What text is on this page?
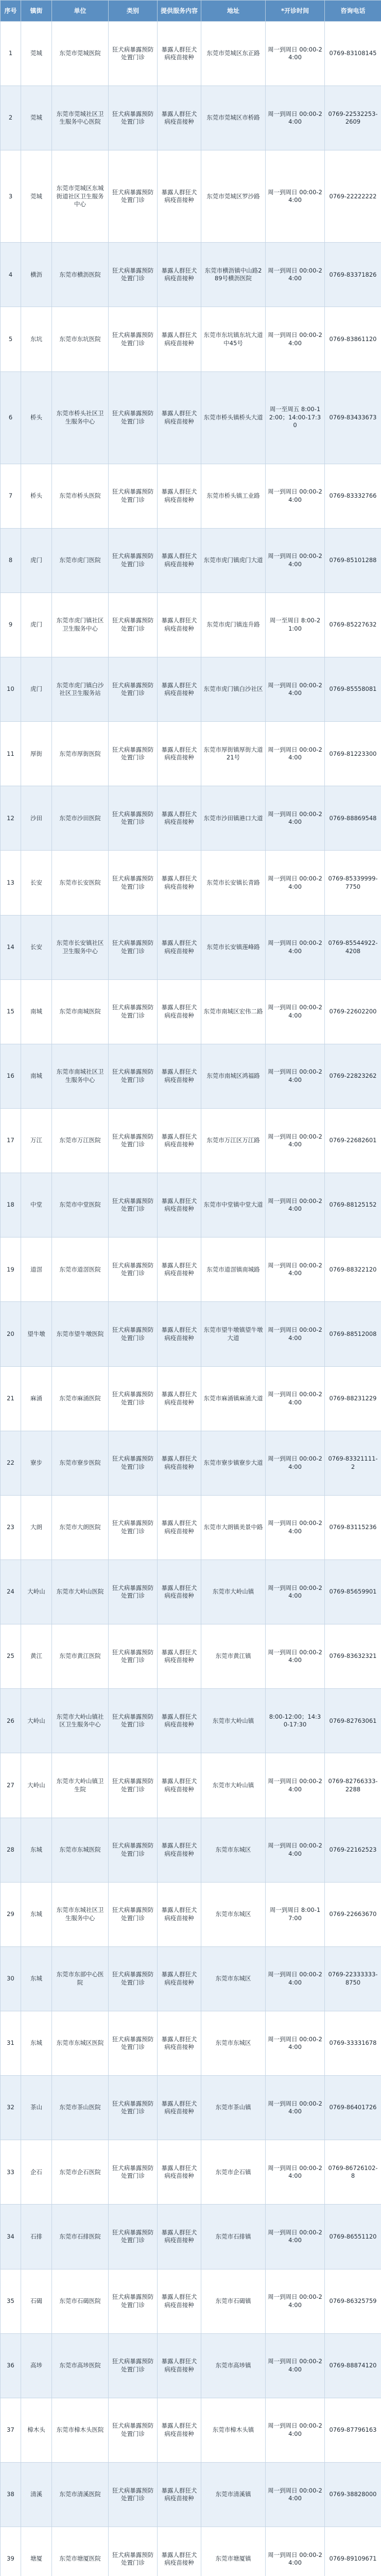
序号	镇街	单位	类别	提供服务内容	地址	*开诊时间	咨询电话
1	莞城	东莞市莞城医院	狂犬病暴露预防处置门诊	暴露人群狂犬病疫苗接种	东莞市莞城区东正路	周一到周日 00:00-24:00	0769-83108145
2	莞城	东莞市莞城社区卫生服务中心医院	狂犬病暴露预防处置门诊	暴露人群狂犬病疫苗接种	东莞市莞城区市桥路	周一到周日 00:00-24:00	0769-22532253-2609
3	莞城	东莞市莞城区东城街道社区卫生服务中心	狂犬病暴露预防处置门诊	暴露人群狂犬病疫苗接种	东莞市莞城区罗沙路	周一到周日 00:00-24:00	0769-22222222
4	横沥	东莞市横沥医院	狂犬病暴露预防处置门诊	暴露人群狂犬病疫苗接种	东莞市横沥镇中山路289号横沥医院	周一到周日 00:00-24:00	0769-83371826
5	东坑	东莞市东坑医院	狂犬病暴露预防处置门诊	暴露人群狂犬病疫苗接种	东莞市东坑镇东坑大道中45号	周一到周日 00:00-24:00	0769-83861120
6	桥头	东莞市桥头社区卫生服务中心	狂犬病暴露预防处置门诊	暴露人群狂犬病疫苗接种	东莞市桥头镇桥头大道	周一至周五 8:00-12:00；14:00-17:30	0769-83433673
7	桥头	东莞市桥头医院	狂犬病暴露预防处置门诊	暴露人群狂犬病疫苗接种	东莞市桥头镇工业路	周一到周日 00:00-24:00	0769-83332766
8	虎门	东莞市虎门医院	狂犬病暴露预防处置门诊	暴露人群狂犬病疫苗接种	东莞市虎门镇虎门大道	周一到周日 00:00-24:00	0769-85101288
9	虎门	东莞市虎门镇社区卫生服务中心	狂犬病暴露预防处置门诊	暴露人群狂犬病疫苗接种	东莞市虎门镇连升路	周一至周日 8:00-21:00	0769-85227632
10	虎门	东莞市虎门镇白沙社区卫生服务站	狂犬病暴露预防处置门诊	暴露人群狂犬病疫苗接种	东莞市虎门镇白沙社区	周一到周日 00:00-24:00	0769-85558081
11	厚街	东莞市厚街医院	狂犬病暴露预防处置门诊	暴露人群狂犬病疫苗接种	东莞市厚街镇厚街大道21号	周一到周日 00:00-24:00	0769-81223300
12	沙田	东莞市沙田医院	狂犬病暴露预防处置门诊	暴露人群狂犬病疫苗接种	东莞市沙田镇港口大道	周一到周日 00:00-24:00	0769-88869548
13	长安	东莞市长安医院	狂犬病暴露预防处置门诊	暴露人群狂犬病疫苗接种	东莞市长安镇长青路	周一到周日 00:00-24:00	0769-85339999-7750
14	长安	东莞市长安镇社区卫生服务中心	狂犬病暴露预防处置门诊	暴露人群狂犬病疫苗接种	东莞市长安镇莲峰路	周一到周日 00:00-24:00	0769-85544922-4208
15	南城	东莞市南城医院	狂犬病暴露预防处置门诊	暴露人群狂犬病疫苗接种	东莞市南城区宏伟二路	周一到周日 00:00-24:00	0769-22602200
16	南城	东莞市南城社区卫生服务中心	狂犬病暴露预防处置门诊	暴露人群狂犬病疫苗接种	东莞市南城区鸿福路	周一到周日 00:00-24:00	0769-22823262
17	万江	东莞市万江医院	狂犬病暴露预防处置门诊	暴露人群狂犬病疫苗接种	东莞市万江区万江路	周一到周日 00:00-24:00	0769-22682601
18	中堂	东莞市中堂医院	狂犬病暴露预防处置门诊	暴露人群狂犬病疫苗接种	东莞市中堂镇中堂大道	周一到周日 00:00-24:00	0769-88125152
19	道滘	东莞市道滘医院	狂犬病暴露预防处置门诊	暴露人群狂犬病疫苗接种	东莞市道滘镇南城路	周一到周日 00:00-24:00	0769-88322120
20	望牛墩	东莞市望牛墩医院	狂犬病暴露预防处置门诊	暴露人群狂犬病疫苗接种	东莞市望牛墩镇望牛墩大道	周一到周日 00:00-24:00	0769-88512008
21	麻涌	东莞市麻涌医院	狂犬病暴露预防处置门诊	暴露人群狂犬病疫苗接种	东莞市麻涌镇麻涌大道	周一到周日 00:00-24:00	0769-88231229
22	寮步	东莞市寮步医院	狂犬病暴露预防处置门诊	暴露人群狂犬病疫苗接种	东莞市寮步镇寮步大道	周一到周日 00:00-24:00	0769-83321111-2
23	大朗	东莞市大朗医院	狂犬病暴露预防处置门诊	暴露人群狂犬病疫苗接种	东莞市大朗镇美景中路	周一到周日 00:00-24:00	0769-83115236
24	大岭山	东莞市大岭山医院	狂犬病暴露预防处置门诊	暴露人群狂犬病疫苗接种	东莞市大岭山镇	周一到周日 00:00-24:00	0769-85659901
25	黄江	东莞市黄江医院	狂犬病暴露预防处置门诊	暴露人群狂犬病疫苗接种	东莞市黄江镇	周一到周日 00:00-24:00	0769-83632321
26	大岭山	东莞市大岭山镇社区卫生服务中心	狂犬病暴露预防处置门诊	暴露人群狂犬病疫苗接种	东莞市大岭山镇	8:00-12:00；14:30-17:30	0769-82763061
27	大岭山	东莞市大岭山镇卫生院	狂犬病暴露预防处置门诊	暴露人群狂犬病疫苗接种	东莞市大岭山镇	周一到周日 00:00-24:00	0769-82766333-2288
28	东城	东莞市东城医院	狂犬病暴露预防处置门诊	暴露人群狂犬病疫苗接种	东莞市东城区	周一到周日 00:00-24:00	0769-22162523
29	东城	东莞市东城社区卫生服务中心	狂犬病暴露预防处置门诊	暴露人群狂犬病疫苗接种	东莞市东城区	周一到周日 8:00-17:00	0769-22663670
30	东城	东莞市东部中心医院	狂犬病暴露预防处置门诊	暴露人群狂犬病疫苗接种	东莞市东城区	周一到周日 00:00-24:00	0769-22333333-8750
31	东城	东莞市东城区医院	狂犬病暴露预防处置门诊	暴露人群狂犬病疫苗接种	东莞市东城区	周一到周日 00:00-24:00	0769-33331678
32	茶山	东莞市茶山医院	狂犬病暴露预防处置门诊	暴露人群狂犬病疫苗接种	东莞市茶山镇	周一到周日 00:00-24:00	0769-86401726
33	企石	东莞市企石医院	狂犬病暴露预防处置门诊	暴露人群狂犬病疫苗接种	东莞市企石镇	周一到周日 00:00-24:00	0769-86726102-8
34	石排	东莞市石排医院	狂犬病暴露预防处置门诊	暴露人群狂犬病疫苗接种	东莞市石排镇	周一到周日 00:00-24:00	0769-86551120
35	石碣	东莞市石碣医院	狂犬病暴露预防处置门诊	暴露人群狂犬病疫苗接种	东莞市石碣镇	周一到周日 00:00-24:00	0769-86325759
36	高埗	东莞市高埗医院	狂犬病暴露预防处置门诊	暴露人群狂犬病疫苗接种	东莞市高埗镇	周一到周日 00:00-24:00	0769-88874120
37	樟木头	东莞市樟木头医院	狂犬病暴露预防处置门诊	暴露人群狂犬病疫苗接种	东莞市樟木头镇	周一到周日 00:00-24:00	0769-87796163
38	清溪	东莞市清溪医院	狂犬病暴露预防处置门诊	暴露人群狂犬病疫苗接种	东莞市清溪镇	周一到周日 00:00-24:00	0769-38828000
39	塘厦	东莞市塘厦医院	狂犬病暴露预防处置门诊	暴露人群狂犬病疫苗接种	东莞市塘厦镇	周一到周日 00:00-24:00	0769-89109671
